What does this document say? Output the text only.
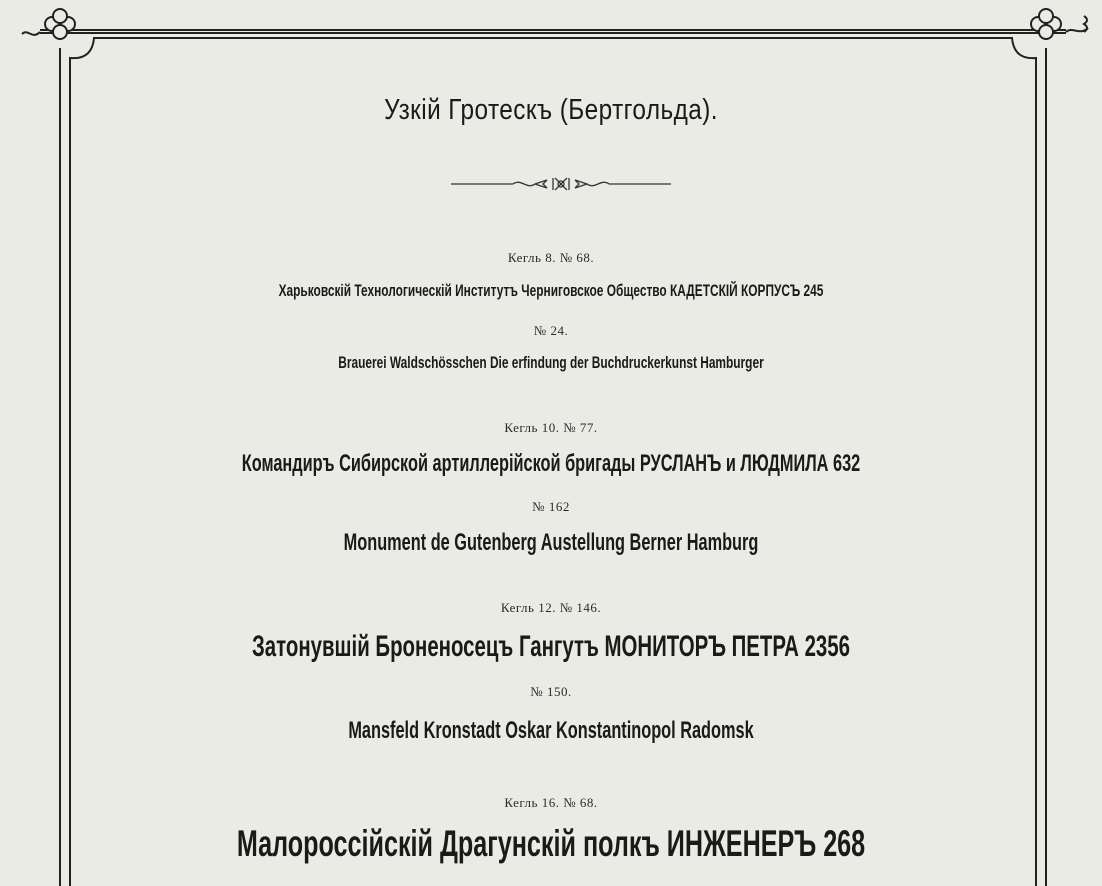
Узкій Гротескъ (Бертгольда).
Кегль 8. № 68.
Харьковскій Технологическій Институтъ Черниговское Общество КАДЕТСКІЙ КОРПУСЪ 245
№ 24.
Brauerei Waldschösschen Die erfindung der Buchdruckerkunst Hamburger
Кегль 10. № 77.
Командиръ Сибирской артиллерійской бригады РУСЛАНЪ и ЛЮДМИЛА 632
№ 162
Monument de Gutenberg Austellung Berner Hamburg
Кегль 12. № 146.
Затонувшій Броненосецъ Гангутъ МОНИТОРЪ ПЕТРА 2356
№ 150.
Mansfeld Kronstadt Oskar Konstantinopol Radomsk
Кегль 16. № 68.
Малороссійскій Драгунскій полкъ ИНЖЕНЕРЪ 268
